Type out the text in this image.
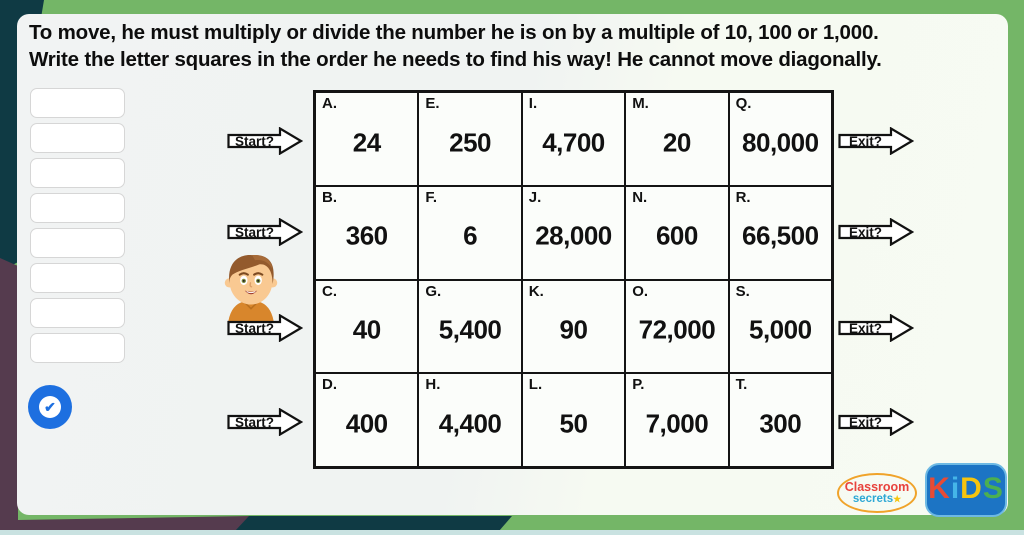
To move, he must multiply or divide the number he is on by a multiple of 10, 100 or 1,000.
Write the letter squares in the order he needs to find his way! He cannot move diagonally.
✔
A.
24
E.
250
I.
4,700
M.
20
Q.
80,000
B.
360
F.
6
J.
28,000
N.
600
R.
66,500
C.
40
G.
5,400
K.
90
O.
72,000
S.
5,000
D.
400
H.
4,400
L.
50
P.
7,000
T.
300
Start?
Start?
Start?
Start?
Exit?
Exit?
Exit?
Exit?
Classroom
secrets★ K i D S
